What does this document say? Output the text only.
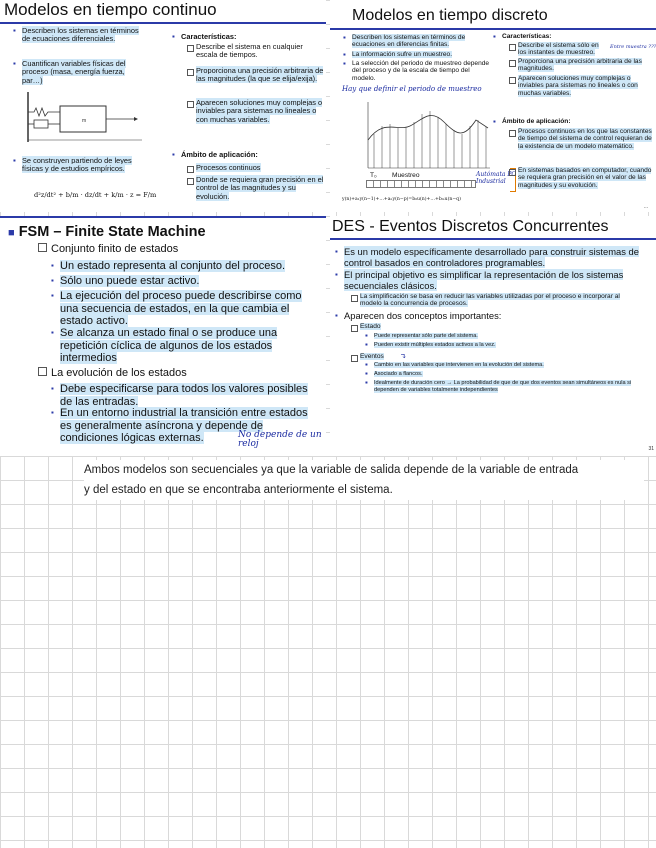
Modelos en tiempo continuo
▪ Describen los sistemas en términos de ecuaciones diferenciales.
▪ Cuantifican variables físicas del proceso (masa, energía fuerza, par…)
m
▪ Se construyen partiendo de leyes físicas y de estudios empíricos.
d²z/dt² + b/m · dz/dt + k/m · z = F/m
▪ Características:
Describe el sistema en cualquier escala de tiempos.
Proporciona una precisión arbitraria de las magnitudes (la que se elija/exija).
Aparecen soluciones muy complejas o inviables para sistemas no lineales o con muchas variables.
▪ Ámbito de aplicación:
Procesos continuos
Donde se requiera gran precisión en el control de las magnitudes y su evolución.
Modelos en tiempo discreto
▪ Describen los sistemas en términos de ecuaciones en diferencias finitas.
▪ La información sufre un muestreo.
▪ La selección del periodo de muestreo depende del proceso y de la escala de tiempo del modelo.
Hay que definir el periodo de muestreo
T₀ Muestreo
y(n)+a₁y(n−1)+…+aₙy(n−p)=b₀u(n)+…+bₘu(n−q)
Autómata PC Industrial
▪ Características:
Describe el sistema sólo en los instantes de muestreo.
Entre muestra ???
Proporciona una precisión arbitraria de las magnitudes.
Aparecen soluciones muy complejas o inviables para sistemas no lineales o con muchas variables.
▪ Ámbito de aplicación:
Procesos continuos en los que las constantes de tiempo del sistema de control requieran de la existencia de un modelo matemático.
En sistemas basados en computador, cuando se requiera gran precisión en el valor de las magnitudes y su evolución.
...
■ FSM – Finite State Machine
Conjunto finito de estados
▪ Un estado representa al conjunto del proceso.
▪ Sólo uno puede estar activo.
▪ La ejecución del proceso puede describirse como una secuencia de estados, en la que cambia el estado activo.
▪ Se alcanza un estado final o se produce una repetición cíclica de algunos de los estados intermedios
La evolución de los estados
▪ Debe especificarse para todos los valores posibles de las entradas.
▪ En un entorno industrial la transición entre estados es generalmente asíncrona y depende de condiciones lógicas externas.	No depende de un reloj
DES - Eventos Discretos Concurrentes
▪ Es un modelo específicamente desarrollado para construir sistemas de control basados en controladores programables.
▪ El principal objetivo es simplificar la representación de los sistemas secuenciales clásicos.
La simplificación se basa en reducir las variables utilizadas por el proceso e incorporar al modelo la concurrencia de procesos.
▪ Aparecen dos conceptos importantes:
Estado
▪ Puede representar sólo parte del sistema.
▪ Pueden existir múltiples estados activos a la vez.
Eventos ↴
▪ Cambio en las variables que intervienen en la evolución del sistema.
▪ Asociado a flancos.
▪ Idealmente de duración cero → La probabilidad de que de que dos eventos sean simultáneos es nula si dependen de variables totalmente independientes
31
Ambos modelos son secuenciales ya que la variable de salida depende de la variable de entrada
y del estado en que se encontraba anteriormente el sistema.
